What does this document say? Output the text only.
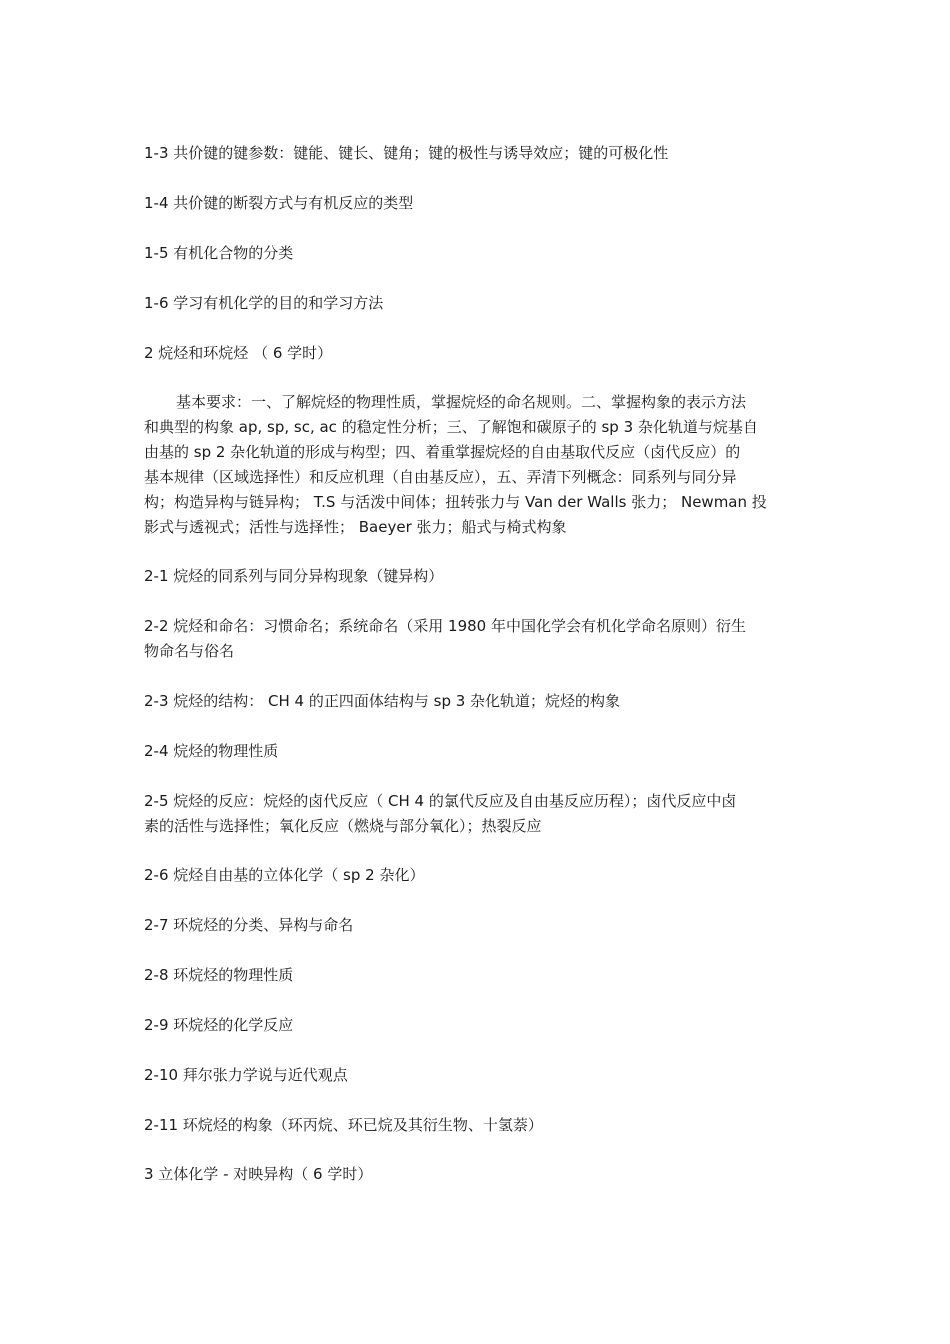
1-3 共价键的键参数：键能、键长、键角；键的极性与诱导效应；键的可极化性
1-4 共价键的断裂方式与有机反应的类型
1-5 有机化合物的分类
1-6 学习有机化学的目的和学习方法
2 烷烃和环烷烃 （ 6 学时）

基本要求：一、了解烷烃的物理性质，掌握烷烃的命名规则。二、掌握构象的表示方法

和典型的构象 ap, sp, sc, ac 的稳定性分析；三、了解饱和碳原子的 sp 3 杂化轨道与烷基自

由基的 sp 2 杂化轨道的形成与构型；四、着重掌握烷烃的自由基取代反应（卤代反应）的

基本规律（区域选择性）和反应机理（自由基反应），五、弄清下列概念：同系列与同分异

构；构造异构与链异构； T.S 与活泼中间体；扭转张力与 Van der Walls 张力； Newman 投

影式与透视式；活性与选择性； Baeyer 张力；船式与椅式构象

2-1 烷烃的同系列与同分异构现象（键异构）

2-2 烷烃和命名：习惯命名；系统命名（采用 1980 年中国化学会有机化学命名原则）衍生

物命名与俗名

2-3 烷烃的结构： CH 4 的正四面体结构与 sp 3 杂化轨道；烷烃的构象
2-4 烷烃的物理性质

2-5 烷烃的反应：烷烃的卤代反应（ CH 4 的氯代反应及自由基反应历程）；卤代反应中卤

素的活性与选择性；氧化反应（燃烧与部分氧化）；热裂反应

2-6 烷烃自由基的立体化学（ sp 2 杂化）
2-7 环烷烃的分类、异构与命名
2-8 环烷烃的物理性质
2-9 环烷烃的化学反应
2-10 拜尔张力学说与近代观点
2-11 环烷烃的构象（环丙烷、环已烷及其衍生物、十氢萘）
3 立体化学 - 对映异构（ 6 学时）
